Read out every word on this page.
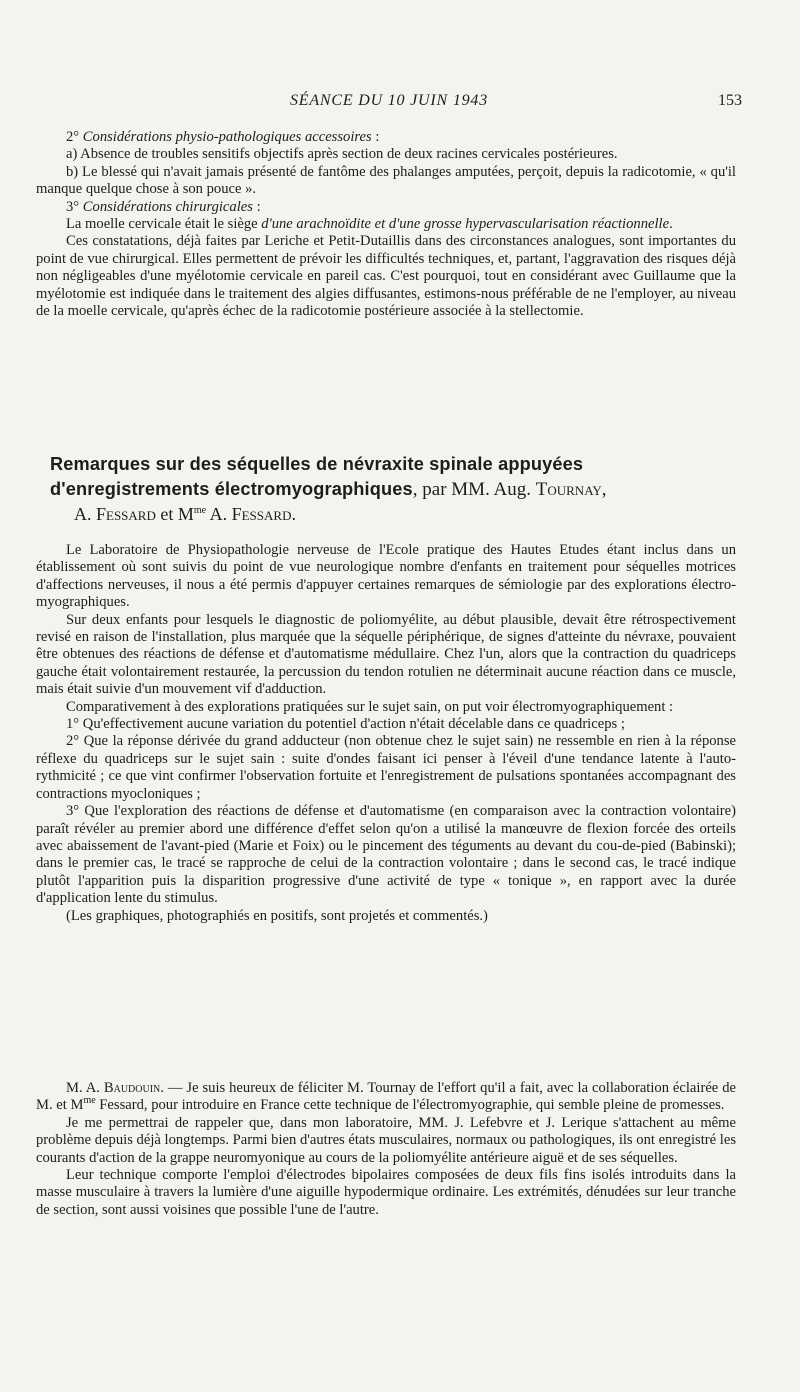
SÉANCE DU 10 JUIN 1943	153

2° Considérations physio-pathologiques accessoires :

a) Absence de troubles sensitifs objectifs après section de deux racines cervicales postérieures.

b) Le blessé qui n'avait jamais présenté de fantôme des phalanges amputées, perçoit, depuis la radicotomie, « qu'il manque quelque chose à son pouce ».

3° Considérations chirurgicales :

La moelle cervicale était le siège d'une arachnoïdite et d'une grosse hypervascularisation réactionnelle.

Ces constatations, déjà faites par Leriche et Petit-Dutaillis dans des circonstances analogues, sont importantes du point de vue chirurgical. Elles permettent de prévoir les difficultés techniques, et, partant, l'aggravation des risques déjà non négligeables d'une myélotomie cervicale en pareil cas. C'est pourquoi, tout en considérant avec Guillaume que la myélotomie est indiquée dans le traitement des algies diffusantes, estimons-nous préférable de ne l'employer, au niveau de la moelle cervicale, qu'après échec de la radicotomie postérieure associée à la stellectomie.

Remarques sur des séquelles de névraxite spinale appuyées d'enregistrements électromyographiques, par MM. Aug. Tournay,
A. Fessard et $M^{me}$ A. Fessard.

Le Laboratoire de Physiopathologie nerveuse de l'Ecole pratique des Hautes Etudes étant inclus dans un établissement où sont suivis du point de vue neurologique nombre d'enfants en traitement pour séquelles motrices d'affections nerveuses, il nous a été permis d'appuyer certaines remarques de sémiologie par des explorations électro-myographiques.

Sur deux enfants pour lesquels le diagnostic de poliomyélite, au début plausible, devait être rétrospectivement revisé en raison de l'installation, plus marquée que la séquelle périphérique, de signes d'atteinte du névraxe, pouvaient être obtenues des réactions de défense et d'automatisme médullaire. Chez l'un, alors que la contraction du quadriceps gauche était volontairement restaurée, la percussion du tendon rotulien ne déterminait aucune réaction dans ce muscle, mais était suivie d'un mouvement vif d'adduction.

Comparativement à des explorations pratiquées sur le sujet sain, on put voir électromyographiquement :

1° Qu'effectivement aucune variation du potentiel d'action n'était décelable dans ce quadriceps ;

2° Que la réponse dérivée du grand adducteur (non obtenue chez le sujet sain) ne ressemble en rien à la réponse réflexe du quadriceps sur le sujet sain : suite d'ondes faisant ici penser à l'éveil d'une tendance latente à l'auto-rythmicité ; ce que vint confirmer l'observation fortuite et l'enregistrement de pulsations spontanées accompagnant des contractions myocloniques ;

3° Que l'exploration des réactions de défense et d'automatisme (en comparaison avec la contraction volontaire) paraît révéler au premier abord une différence d'effet selon qu'on a utilisé la manœuvre de flexion forcée des orteils avec abaissement de l'avant-pied (Marie et Foix) ou le pincement des téguments au devant du cou-de-pied (Babinski); dans le premier cas, le tracé se rapproche de celui de la contraction volontaire ; dans le second cas, le tracé indique plutôt l'apparition puis la disparition progressive d'une activité de type « tonique », en rapport avec la durée d'application lente du stimulus.

(Les graphiques, photographiés en positifs, sont projetés et commentés.)

M. A. Baudouin. — Je suis heureux de féliciter M. Tournay de l'effort qu'il a fait, avec la collaboration éclairée de M. et $M^{me}$ Fessard, pour introduire en France cette technique de l'électromyographie, qui semble pleine de promesses.

Je me permettrai de rappeler que, dans mon laboratoire, MM. J. Lefebvre et J. Lerique s'attachent au même problème depuis déjà longtemps. Parmi bien d'autres états musculaires, normaux ou pathologiques, ils ont enregistré les courants d'action de la grappe neuromyonique au cours de la poliomyélite antérieure aiguë et de ses séquelles.

Leur technique comporte l'emploi d'électrodes bipolaires composées de deux fils fins isolés introduits dans la masse musculaire à travers la lumière d'une aiguille hypodermique ordinaire. Les extrémités, dénudées sur leur tranche de section, sont aussi voisines que possible l'une de l'autre.
